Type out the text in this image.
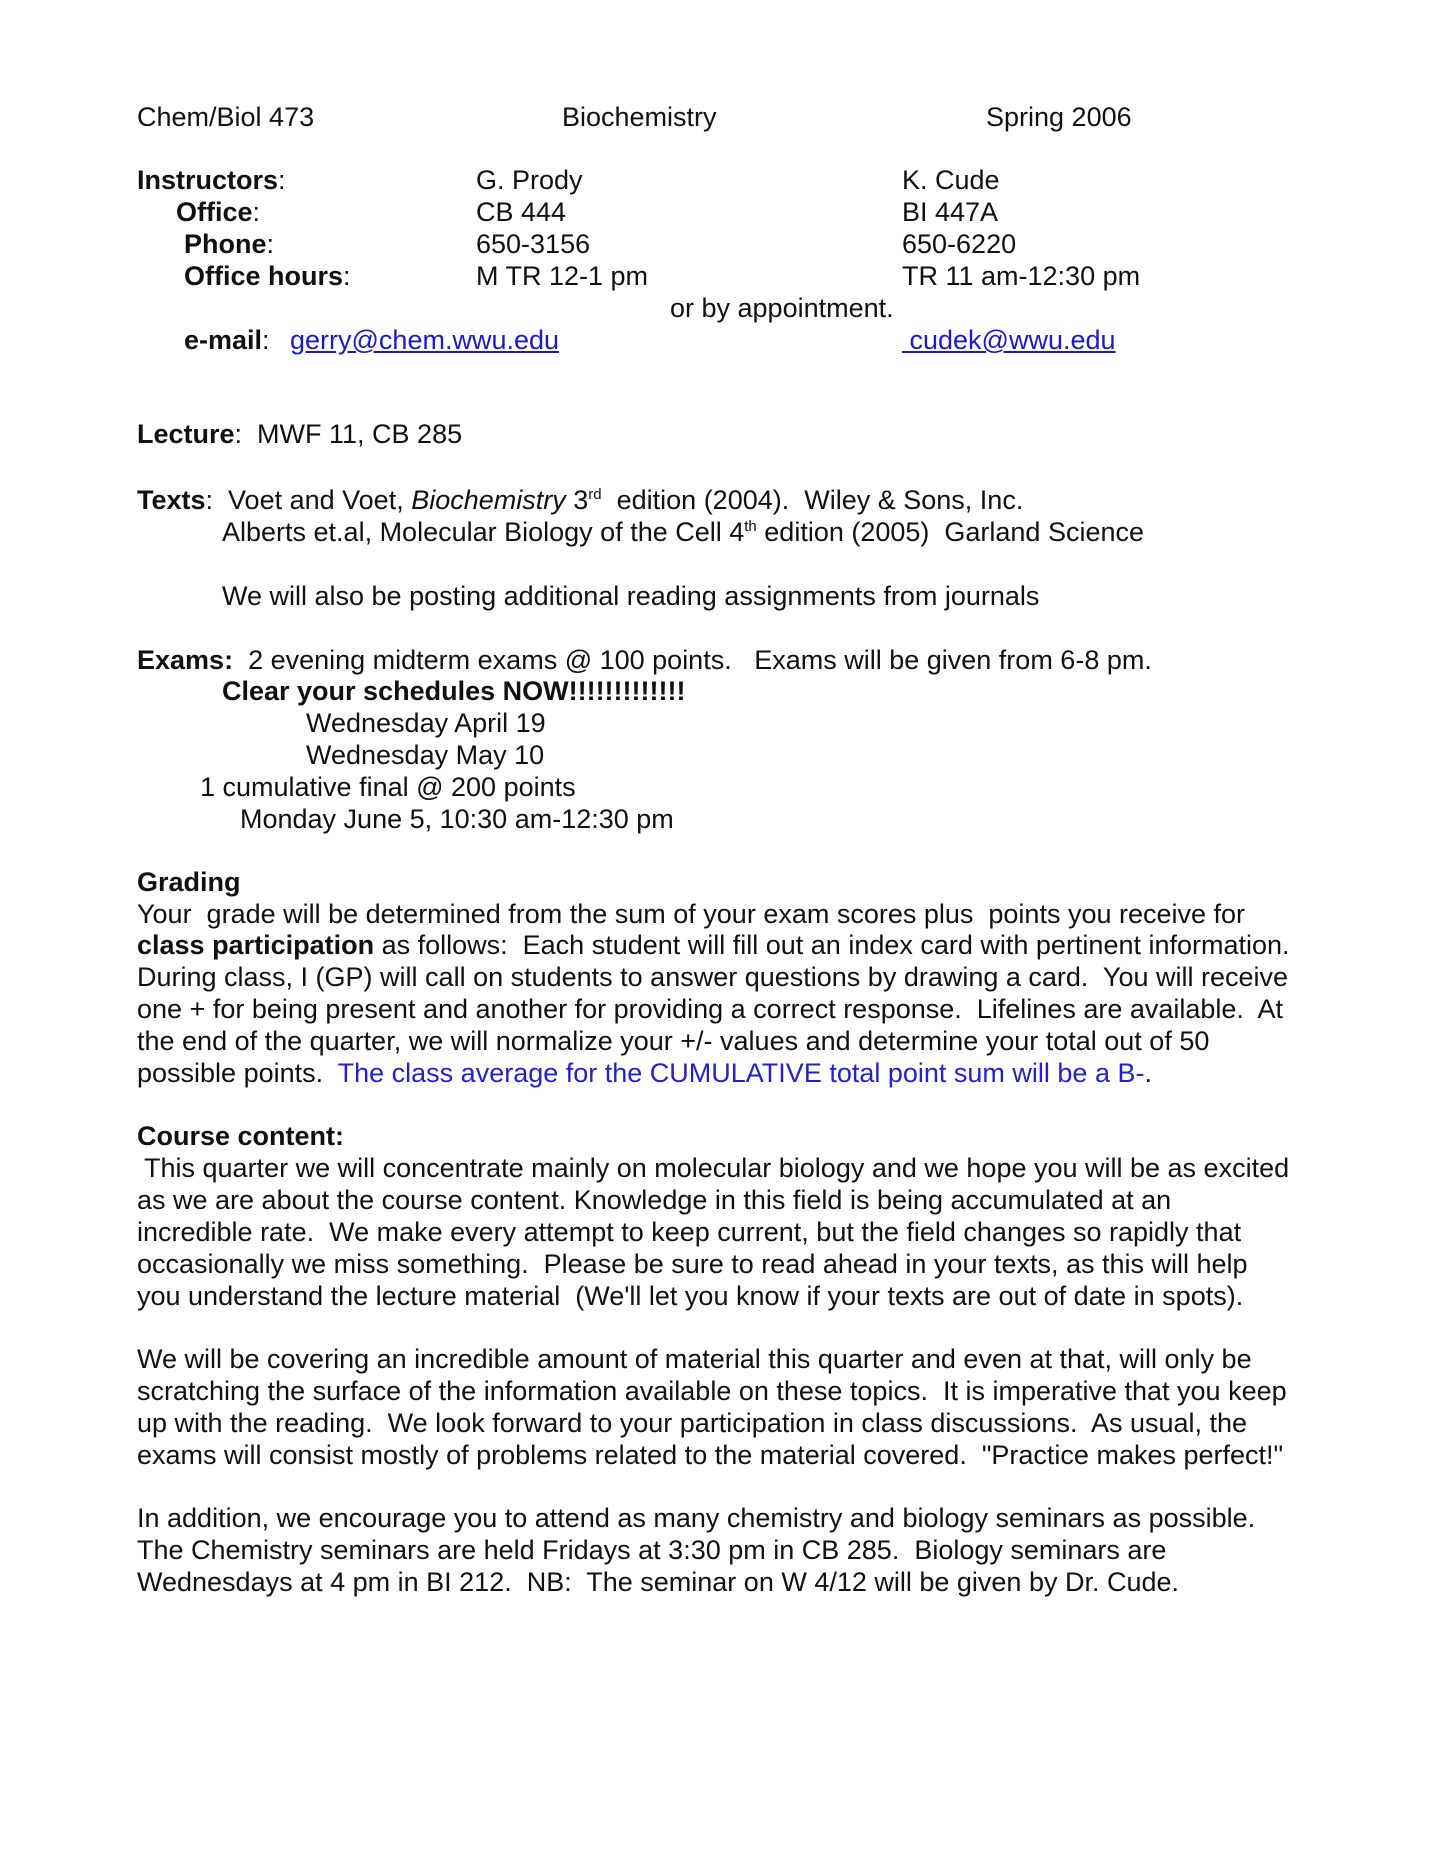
Chem/Biol 473	Biochemistry	Spring 2006
Instructors:	G. Prody	K. Cude
Office:	CB 444	BI 447A
Phone:	650-3156	650-6220
Office hours:	M TR 12-1 pm	TR 11 am-12:30 pm
or by appointment.
e-mail: gerry@chem.wwu.edu	cudek@wwu.edu
Lecture:  MWF 11, CB 285
Texts:  Voet and Voet, Biochemistry 3rd  edition (2004).  Wiley & Sons, Inc.
Alberts et.al, Molecular Biology of the Cell 4th edition (2005)  Garland Science
We will also be posting additional reading assignments from journals
Exams:  2 evening midterm exams @ 100 points.   Exams will be given from 6-8 pm.
Clear your schedules NOW!!!!!!!!!!!!!
Wednesday April 19
Wednesday May 10
1 cumulative final @ 200 points
Monday June 5, 10:30 am-12:30 pm
Grading
Your  grade will be determined from the sum of your exam scores plus  points you receive for
class participation as follows:  Each student will fill out an index card with pertinent information.
During class, I (GP) will call on students to answer questions by drawing a card.  You will receive
one + for being present and another for providing a correct response.  Lifelines are available.  At
the end of the quarter, we will normalize your +/- values and determine your total out of 50
possible points.  The class average for the CUMULATIVE total point sum will be a B-.
Course content:
This quarter we will concentrate mainly on molecular biology and we hope you will be as excited
as we are about the course content. Knowledge in this field is being accumulated at an
incredible rate.  We make every attempt to keep current, but the field changes so rapidly that
occasionally we miss something.  Please be sure to read ahead in your texts, as this will help
you understand the lecture material  (We'll let you know if your texts are out of date in spots).
We will be covering an incredible amount of material this quarter and even at that, will only be
scratching the surface of the information available on these topics.  It is imperative that you keep
up with the reading.  We look forward to your participation in class discussions.  As usual, the
exams will consist mostly of problems related to the material covered.  "Practice makes perfect!"
In addition, we encourage you to attend as many chemistry and biology seminars as possible.
The Chemistry seminars are held Fridays at 3:30 pm in CB 285.  Biology seminars are
Wednesdays at 4 pm in BI 212.  NB:  The seminar on W 4/12 will be given by Dr. Cude.
